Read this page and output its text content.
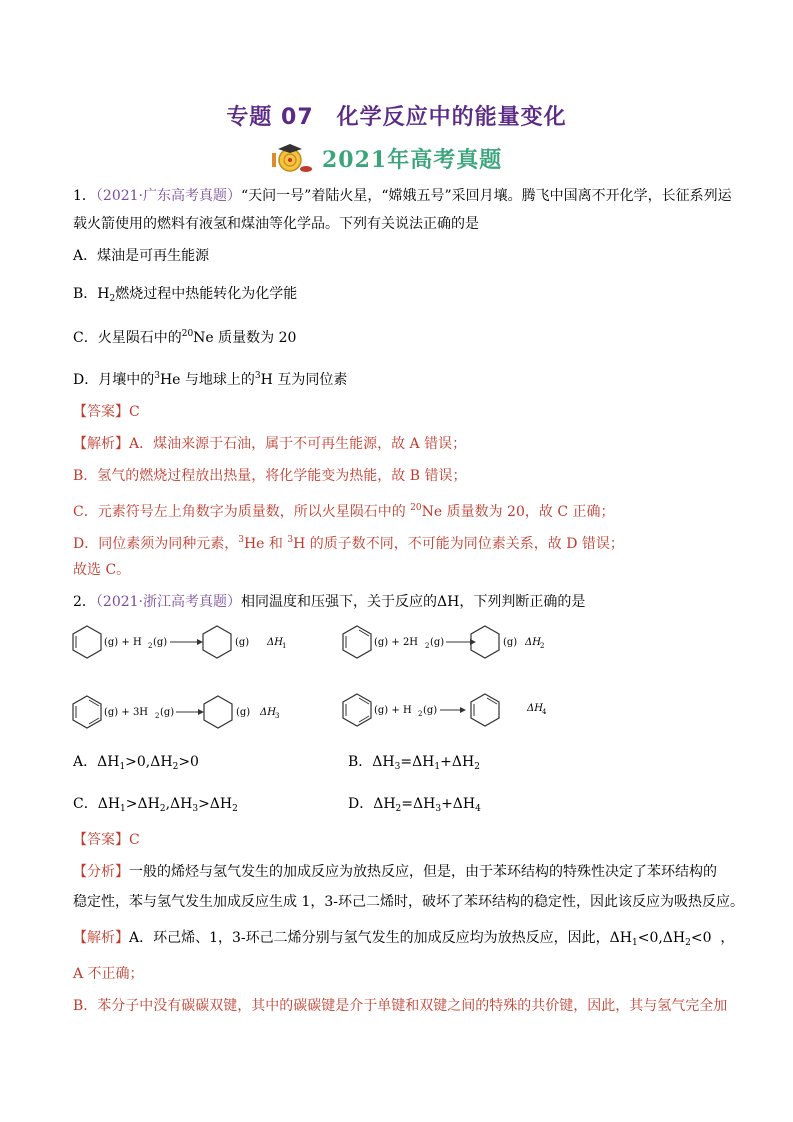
专题 07　化学反应中的能量变化
2021年高考真题
1．（2021·广东高考真题）“天问一号”着陆火星，“嫦娥五号”采回月壤。腾飞中国离不开化学，长征系列运
载火箭使用的燃料有液氢和煤油等化学品。下列有关说法正确的是
A．煤油是可再生能源
B．$H_2$燃烧过程中热能转化为化学能
C．火星陨石中的$^{20}$Ne 质量数为 20
D．月壤中的$^3$He 与地球上的$^3$H 互为同位素
【答案】C
【解析】A．煤油来源于石油，属于不可再生能源，故 A 错误；
B．氢气的燃烧过程放出热量，将化学能变为热能，故 B 错误；
C．元素符号左上角数字为质量数，所以火星陨石中的 $^{20}$Ne 质量数为 20，故 C 正确；
D．同位素须为同种元素，$^3$He 和 $^3$H 的质子数不同，不可能为同位素关系，故 D 错误；
故选 C。
2．（2021·浙江高考真题）相同温度和压强下，关于反应的ΔH，下列判断正确的是
(g) + H 2 (g)	(g) ΔH 1	(g) + 2H 2 (g)	(g) ΔH 2
(g) + 3H 2 (g)	(g) ΔH 3	(g) + H 2 (g)	ΔH 4
A．$\Delta H_1>0,\Delta H_2>0$	B．$\Delta H_3=\Delta H_1+\Delta H_2$
C．$\Delta H_1>\Delta H_2,\Delta H_3>\Delta H_2$	D．$\Delta H_2=\Delta H_3+\Delta H_4$
【答案】C
【分析】一般的烯烃与氢气发生的加成反应为放热反应，但是，由于苯环结构的特殊性决定了苯环结构的
稳定性，苯与氢气发生加成反应生成 1，3-环己二烯时，破坏了苯环结构的稳定性，因此该反应为吸热反应。
【解析】A．环己烯、1，3-环己二烯分别与氢气发生的加成反应均为放热反应，因此，$\Delta H_1<0,\Delta H_2<0$  ，
A 不正确；
B．苯分子中没有碳碳双键，其中的碳碳键是介于单键和双键之间的特殊的共价键，因此，其与氢气完全加
